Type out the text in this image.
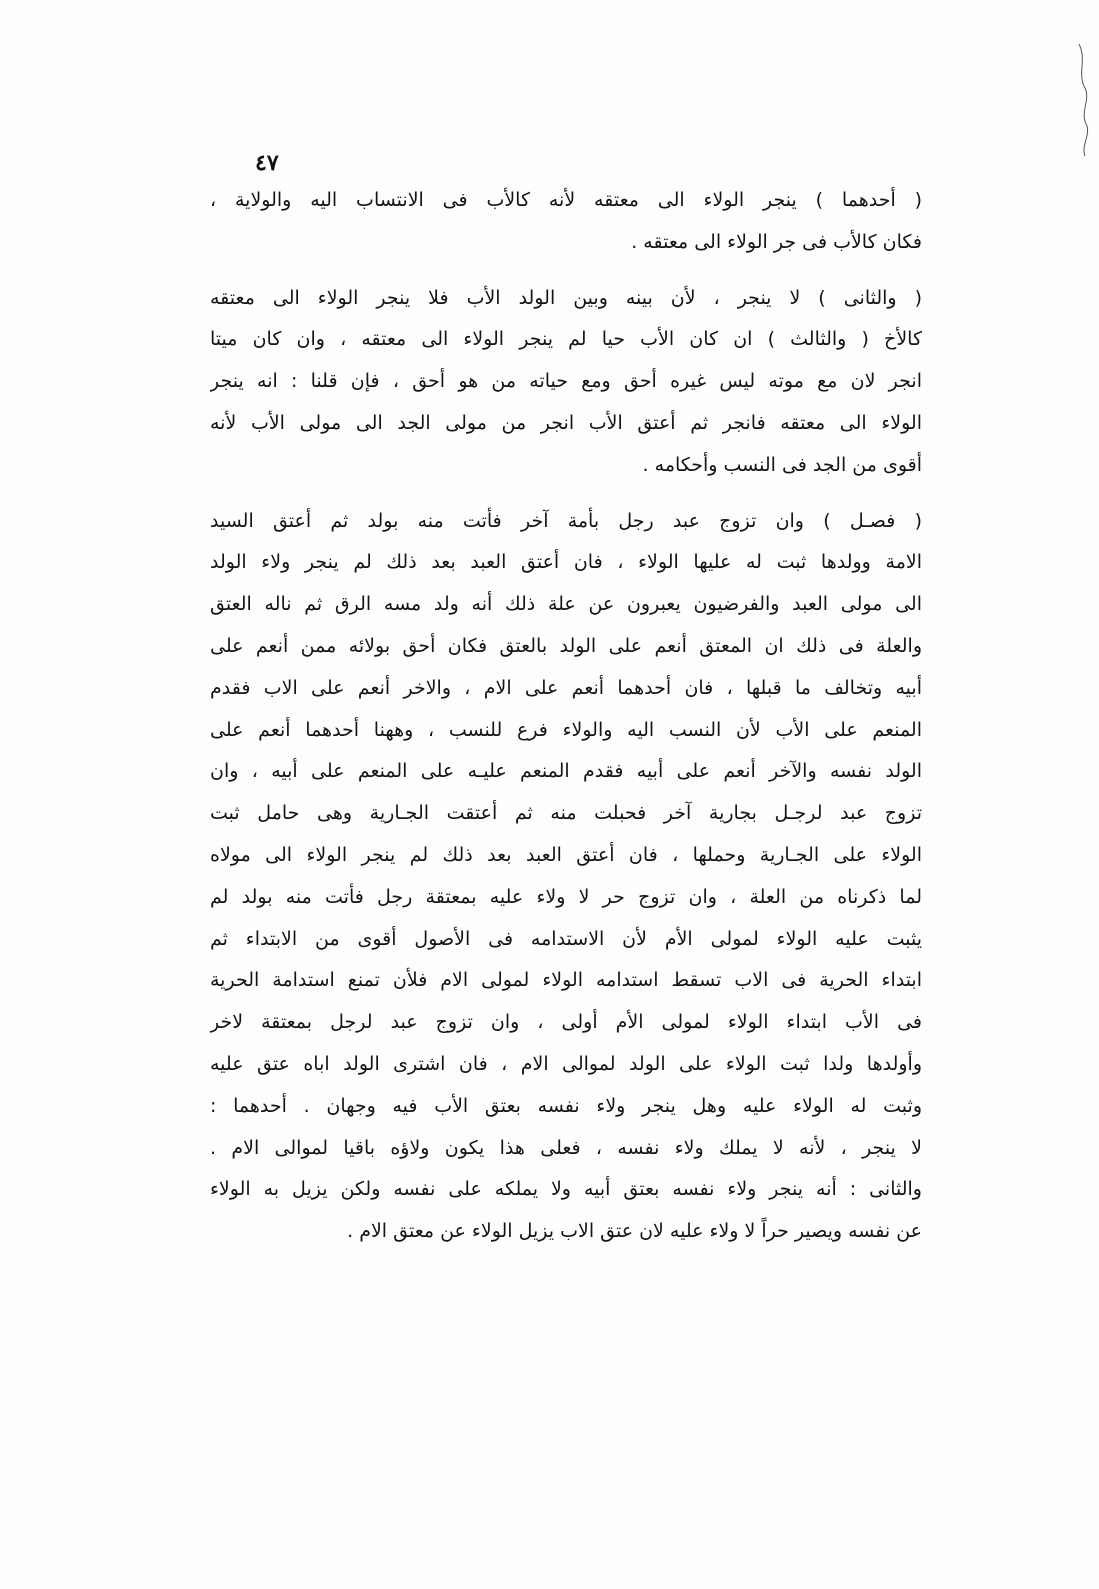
٤٧
( أحدهما ) ينجر الولاء الى معتقه لأنه كالأب فى الانتساب اليه والولاية ،
فكان كالأب فى جر الولاء الى معتقه .
( والثانى ) لا ينجر ، لأن بينه وبين الولد الأب فلا ينجر الولاء الى معتقه
كالأخ ( والثالث ) ان كان الأب حيا لم ينجر الولاء الى معتقه ، وان كان ميتا
انجر لان مع موته ليس غيره أحق ومع حياته من هو أحق ، فإن قلنا : انه ينجر
الولاء الى معتقه فانجر ثم أعتق الأب انجر من مولى الجد الى مولى الأب لأنه
أقوى من الجد فى النسب وأحكامه .
( فصـل ) وان تزوج عبد رجل بأمة آخر فأتت منه بولد ثم أعتق السيد
الامة وولدها ثبت له عليها الولاء ، فان أعتق العبد بعد ذلك لم ينجر ولاء الولد
الى مولى العبد والفرضيون يعبرون عن علة ذلك أنه ولد مسه الرق ثم ناله العتق
والعلة فى ذلك ان المعتق أنعم على الولد بالعتق فكان أحق بولائه ممن أنعم على
أبيه وتخالف ما قبلها ، فان أحدهما أنعم على الام ، والاخر أنعم على الاب فقدم
المنعم على الأب لأن النسب اليه والولاء فرع للنسب ، وههنا أحدهما أنعم على
الولد نفسه والآخر أنعم على أبيه فقدم المنعم عليـه على المنعم على أبيه ، وان
تزوج عبد لرجـل بجارية آخر فحبلت منه ثم أعتقت الجـارية وهى حامل ثبت
الولاء على الجـارية وحملها ، فان أعتق العبد بعد ذلك لم ينجر الولاء الى مولاه
لما ذكرناه من العلة ، وان تزوج حر لا ولاء عليه بمعتقة رجل فأتت منه بولد لم
يثبت عليه الولاء لمولى الأم لأن الاستدامه فى الأصول أقوى من الابتداء ثم
ابتداء الحرية فى الاب تسقط استدامه الولاء لمولى الام فلأن تمنع استدامة الحرية
فى الأب ابتداء الولاء لمولى الأم أولى ، وان تزوج عبد لرجل بمعتقة لاخر
وأولدها ولدا ثبت الولاء على الولد لموالى الام ، فان اشترى الولد اباه عتق عليه
وثبت له الولاء عليه وهل ينجر ولاء نفسه بعتق الأب فيه وجهان . أحدهما :
لا ينجر ، لأنه لا يملك ولاء نفسه ، فعلى هذا يكون ولاؤه باقيا لموالى الام .
والثانى : أنه ينجر ولاء نفسه بعتق أبيه ولا يملكه على نفسه ولكن يزيل به الولاء
عن نفسه ويصير حراً لا ولاء عليه لان عتق الاب يزيل الولاء عن معتق الام .
